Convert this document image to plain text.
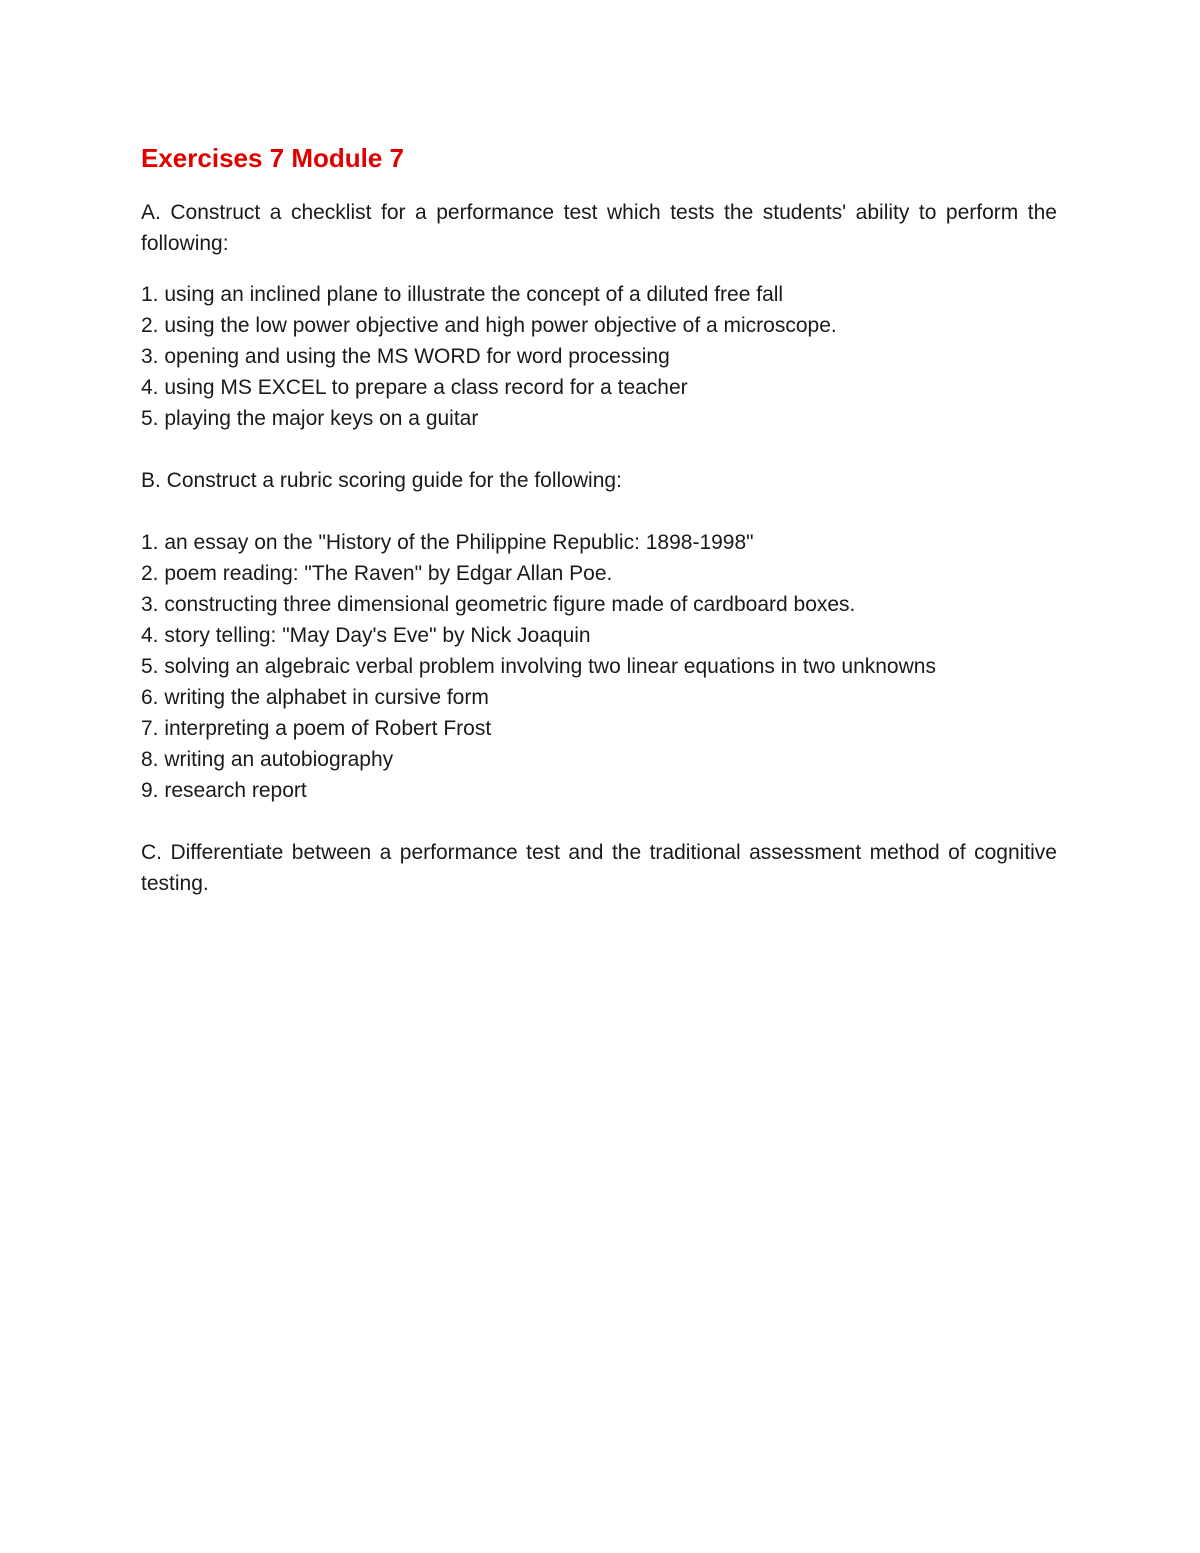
Exercises 7 Module 7

A. Construct a checklist for a performance test which tests the students' ability to perform the following:

1. using an inclined plane to illustrate the concept of a diluted free fall
2. using the low power objective and high power objective of a microscope.
3. opening and using the MS WORD for word processing
4. using MS EXCEL to prepare a class record for a teacher
5. playing the major keys on a guitar

B. Construct a rubric scoring guide for the following:

1. an essay on the "History of the Philippine Republic: 1898-1998"
2. poem reading: "The Raven" by Edgar Allan Poe.
3. constructing three dimensional geometric figure made of cardboard boxes.
4. story telling: "May Day's Eve" by Nick Joaquin
5. solving an algebraic verbal problem involving two linear equations in two unknowns
6. writing the alphabet in cursive form
7. interpreting a poem of Robert Frost
8. writing an autobiography
9. research report

C. Differentiate between a performance test and the traditional assessment method of cognitive testing.
